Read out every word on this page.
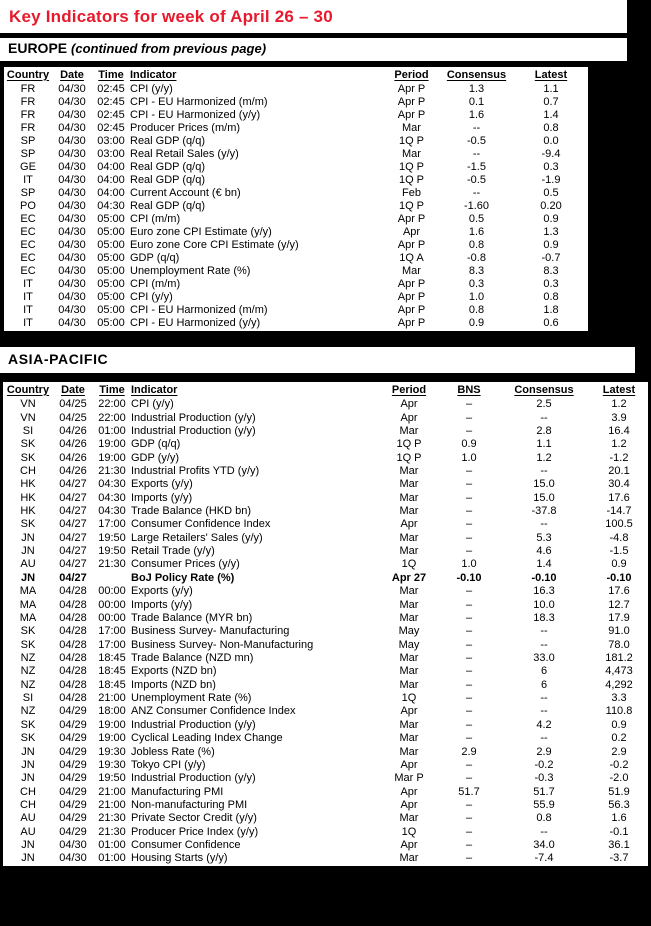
Key Indicators for week of April 26 – 30
EUROPE (continued from previous page)
Country	Date	Time Indicator	Period	Consensus	Latest
FR	04/30	02:45 CPI (y/y)	Apr P	1.3	1.1
FR	04/30	02:45 CPI - EU Harmonized (m/m)	Apr P	0.1	0.7
FR	04/30	02:45 CPI - EU Harmonized (y/y)	Apr P	1.6	1.4
FR	04/30	02:45 Producer Prices (m/m)	Mar	--	0.8
SP	04/30	03:00 Real GDP (q/q)	1Q P	-0.5	0.0
SP	04/30	03:00 Real Retail Sales (y/y)	Mar	--	-9.4
GE	04/30	04:00 Real GDP (q/q)	1Q P	-1.5	0.3
IT	04/30	04:00 Real GDP (q/q)	1Q P	-0.5	-1.9
SP	04/30	04:00 Current Account (€ bn)	Feb	--	0.5
PO	04/30	04:30 Real GDP (q/q)	1Q P	-1.60	0.20
EC	04/30	05:00 CPI (m/m)	Apr P	0.5	0.9
EC	04/30	05:00 Euro zone CPI Estimate (y/y)	Apr	1.6	1.3
EC	04/30	05:00 Euro zone Core CPI Estimate (y/y)	Apr P	0.8	0.9
EC	04/30	05:00 GDP (q/q)	1Q A	-0.8	-0.7
EC	04/30	05:00 Unemployment Rate (%)	Mar	8.3	8.3
IT	04/30	05:00 CPI (m/m)	Apr P	0.3	0.3
IT	04/30	05:00 CPI (y/y)	Apr P	1.0	0.8
IT	04/30	05:00 CPI - EU Harmonized (m/m)	Apr P	0.8	1.8
IT	04/30	05:00 CPI - EU Harmonized (y/y)	Apr P	0.9	0.6
ASIA-PACIFIC
Country	Date	Time Indicator	Period	BNS	Consensus	Latest
VN	04/25	22:00 CPI (y/y)	Apr	–	2.5	1.2
VN	04/25	22:00 Industrial Production (y/y)	Apr	–	--	3.9
SI	04/26	01:00 Industrial Production (y/y)	Mar	–	2.8	16.4
SK	04/26	19:00 GDP (q/q)	1Q P	0.9	1.1	1.2
SK	04/26	19:00 GDP (y/y)	1Q P	1.0	1.2	-1.2
CH	04/26	21:30 Industrial Profits YTD (y/y)	Mar	–	--	20.1
HK	04/27	04:30 Exports (y/y)	Mar	–	15.0	30.4
HK	04/27	04:30 Imports (y/y)	Mar	–	15.0	17.6
HK	04/27	04:30 Trade Balance (HKD bn)	Mar	–	-37.8	-14.7
SK	04/27	17:00 Consumer Confidence Index	Apr	–	--	100.5
JN	04/27	19:50 Large Retailers' Sales (y/y)	Mar	–	5.3	-4.8
JN	04/27	19:50 Retail Trade (y/y)	Mar	–	4.6	-1.5
AU	04/27	21:30 Consumer Prices (y/y)	1Q	1.0	1.4	0.9
JN	04/27	BoJ Policy Rate (%)	Apr 27	-0.10	-0.10	-0.10
MA	04/28	00:00 Exports (y/y)	Mar	–	16.3	17.6
MA	04/28	00:00 Imports (y/y)	Mar	–	10.0	12.7
MA	04/28	00:00 Trade Balance (MYR bn)	Mar	–	18.3	17.9
SK	04/28	17:00 Business Survey- Manufacturing	May	–	--	91.0
SK	04/28	17:00 Business Survey- Non-Manufacturing	May	–	--	78.0
NZ	04/28	18:45 Trade Balance (NZD mn)	Mar	–	33.0	181.2
NZ	04/28	18:45 Exports (NZD bn)	Mar	–	6	4,473
NZ	04/28	18:45 Imports (NZD bn)	Mar	–	6	4,292
SI	04/28	21:00 Unemployment Rate (%)	1Q	–	--	3.3
NZ	04/29	18:00 ANZ Consumer Confidence Index	Apr	–	--	110.8
SK	04/29	19:00 Industrial Production (y/y)	Mar	–	4.2	0.9
SK	04/29	19:00 Cyclical Leading Index Change	Mar	–	--	0.2
JN	04/29	19:30 Jobless Rate (%)	Mar	2.9	2.9	2.9
JN	04/29	19:30 Tokyo CPI (y/y)	Apr	–	-0.2	-0.2
JN	04/29	19:50 Industrial Production (y/y)	Mar P	–	-0.3	-2.0
CH	04/29	21:00 Manufacturing PMI	Apr	51.7	51.7	51.9
CH	04/29	21:00 Non-manufacturing PMI	Apr	–	55.9	56.3
AU	04/29	21:30 Private Sector Credit (y/y)	Mar	–	0.8	1.6
AU	04/29	21:30 Producer Price Index (y/y)	1Q	–	--	-0.1
JN	04/30	01:00 Consumer Confidence	Apr	–	34.0	36.1
JN	04/30	01:00 Housing Starts (y/y)	Mar	–	-7.4	-3.7
